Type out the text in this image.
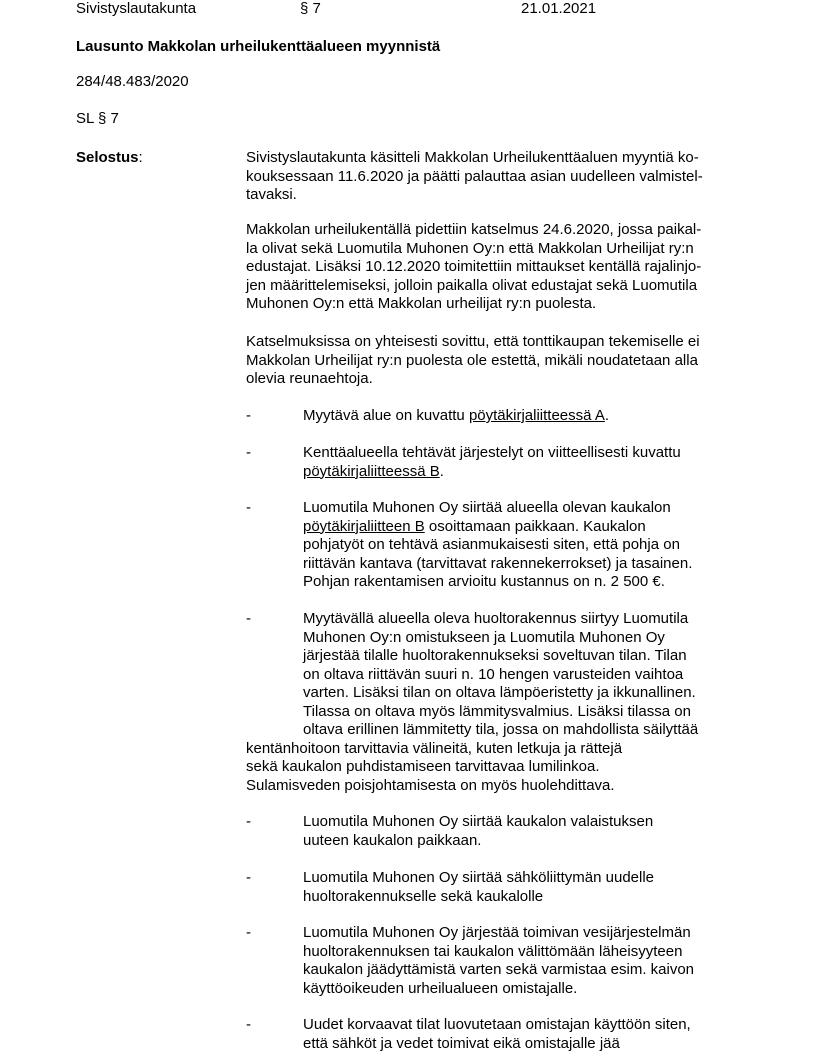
Sivistyslautakunta	§ 7	21.01.2021
Lausunto Makkolan urheilukenttäalueen myynnistä
284/48.483/2020
SL § 7
Selostus:	Sivistyslautakunta käsitteli Makkolan Urheilukenttäaluen myyntiä ko-
kouksessaan 11.6.2020 ja päätti palauttaa asian uudelleen valmistel-
tavaksi.
Makkolan urheilukentällä pidettiin katselmus 24.6.2020, jossa paikal-
la olivat sekä Luomutila Muhonen Oy:n että Makkolan Urheilijat ry:n
edustajat. Lisäksi 10.12.2020 toimitettiin mittaukset kentällä rajalinjo-
jen määrittelemiseksi, jolloin paikalla olivat edustajat sekä Luomutila
Muhonen Oy:n että Makkolan urheilijat ry:n puolesta.
Katselmuksissa on yhteisesti sovittu, että tonttikaupan tekemiselle ei
Makkolan Urheilijat ry:n puolesta ole estettä, mikäli noudatetaan alla
olevia reunaehtoja.
-	Myytävä alue on kuvattu pöytäkirjaliitteessä A.
-	Kenttäalueella tehtävät järjestelyt on viitteellisesti kuvattu
pöytäkirjaliitteessä B.
-	Luomutila Muhonen Oy siirtää alueella olevan kaukalon
pöytäkirjaliitteen B osoittamaan paikkaan. Kaukalon
pohjatyöt on tehtävä asianmukaisesti siten, että pohja on
riittävän kantava (tarvittavat rakennekerrokset) ja tasainen.
Pohjan rakentamisen arvioitu kustannus on n. 2 500 €.
-	Myytävällä alueella oleva huoltorakennus siirtyy Luomutila
Muhonen Oy:n omistukseen ja Luomutila Muhonen Oy
järjestää tilalle huoltorakennukseksi soveltuvan tilan. Tilan
on oltava riittävän suuri n. 10 hengen varusteiden vaihtoa
varten. Lisäksi tilan on oltava lämpöeristetty ja ikkunallinen.
Tilassa on oltava myös lämmitysvalmius. Lisäksi tilassa on
oltava erillinen lämmitetty tila, jossa on mahdollista säilyttää
kentänhoitoon tarvittavia välineitä, kuten letkuja ja rättejä
sekä kaukalon puhdistamiseen tarvittavaa lumilinkoa.
Sulamisveden poisjohtamisesta on myös huolehdittava.
-	Luomutila Muhonen Oy siirtää kaukalon valaistuksen
uuteen kaukalon paikkaan.
-	Luomutila Muhonen Oy siirtää sähköliittymän uudelle
huoltorakennukselle sekä kaukalolle
-	Luomutila Muhonen Oy järjestää toimivan vesijärjestelmän
huoltorakennuksen tai kaukalon välittömään läheisyyteen
kaukalon jäädyttämistä varten sekä varmistaa esim. kaivon
käyttöoikeuden urheilualueen omistajalle.
-	Uudet korvaavat tilat luovutetaan omistajan käyttöön siten,
että sähköt ja vedet toimivat eikä omistajalle jää
